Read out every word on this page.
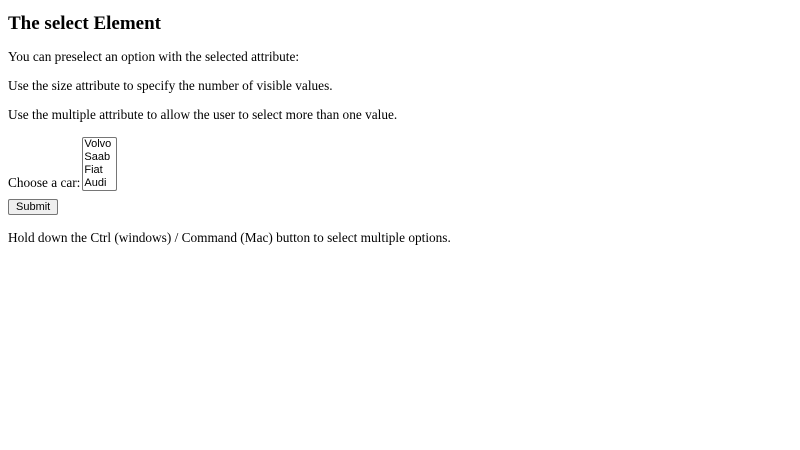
The select Element

You can preselect an option with the selected attribute:

Use the size attribute to specify the number of visible values.

Use the multiple attribute to allow the user to select more than one value.

Choose a car:
Submit

Hold down the Ctrl (windows) / Command (Mac) button to select multiple options.
